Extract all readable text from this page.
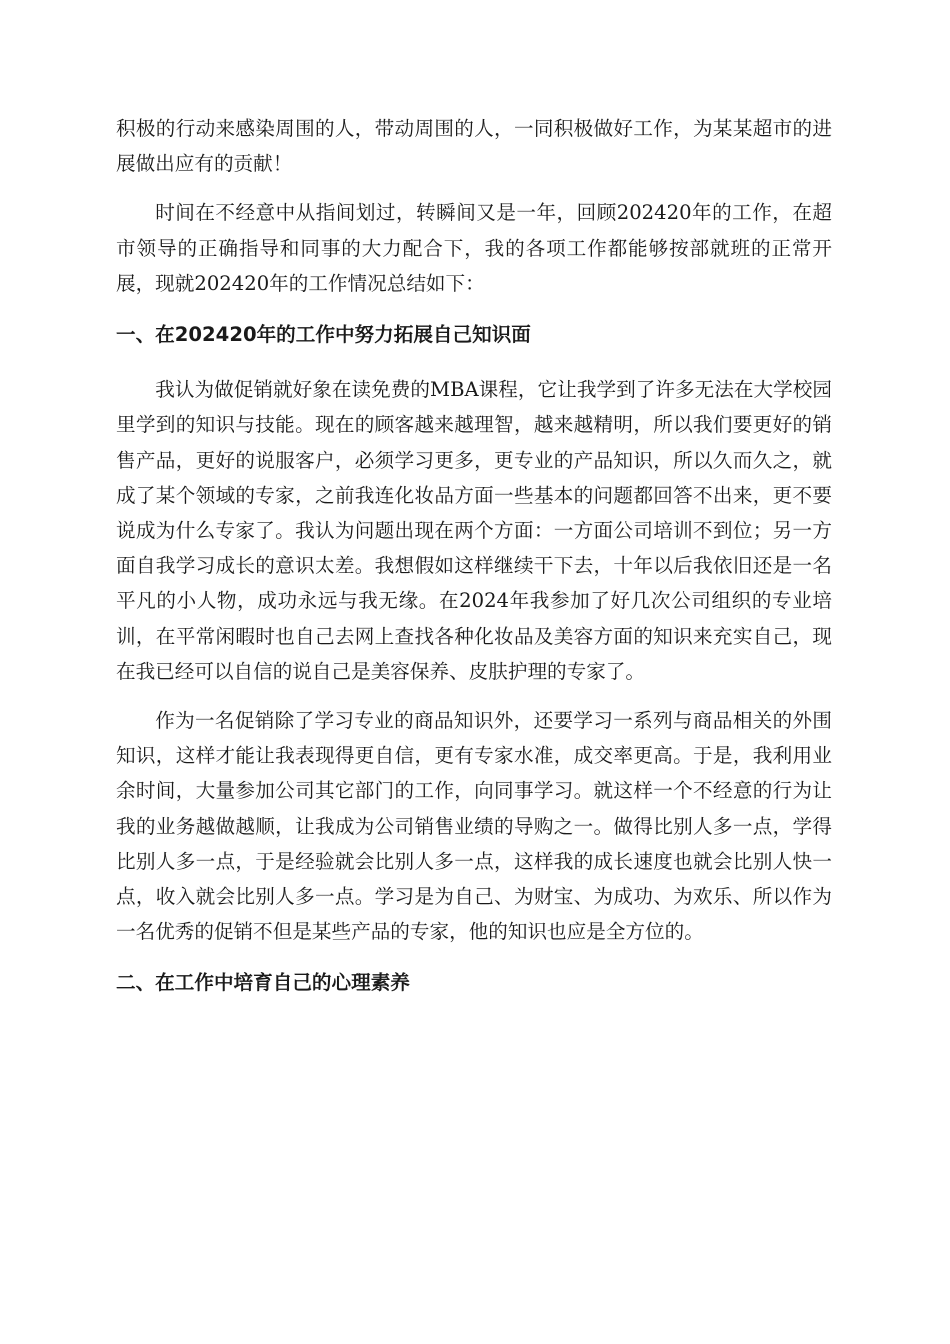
积极的行动来感染周围的人，带动周围的人，一同积极做好工作，为某某超市的进展做出应有的贡献！

时间在不经意中从指间划过，转瞬间又是一年，回顾202420年的工作，在超市领导的正确指导和同事的大力配合下，我的各项工作都能够按部就班的正常开展，现就202420年的工作情况总结如下：

一、在202420年的工作中努力拓展自己知识面

我认为做促销就好象在读免费的MBA课程，它让我学到了许多无法在大学校园里学到的知识与技能。现在的顾客越来越理智，越来越精明，所以我们要更好的销售产品，更好的说服客户，必须学习更多，更专业的产品知识，所以久而久之，就成了某个领域的专家，之前我连化妆品方面一些基本的问题都回答不出来，更不要说成为什么专家了。我认为问题出现在两个方面：一方面公司培训不到位；另一方面自我学习成长的意识太差。我想假如这样继续干下去，十年以后我依旧还是一名平凡的小人物，成功永远与我无缘。在2024年我参加了好几次公司组织的专业培训，在平常闲暇时也自己去网上查找各种化妆品及美容方面的知识来充实自己，现在我已经可以自信的说自己是美容保养、皮肤护理的专家了。

作为一名促销除了学习专业的商品知识外，还要学习一系列与商品相关的外围知识，这样才能让我表现得更自信，更有专家水准，成交率更高。于是，我利用业余时间，大量参加公司其它部门的工作，向同事学习。就这样一个不经意的行为让我的业务越做越顺，让我成为公司销售业绩的导购之一。做得比别人多一点，学得比别人多一点，于是经验就会比别人多一点，这样我的成长速度也就会比别人快一点，收入就会比别人多一点。学习是为自己、为财宝、为成功、为欢乐、所以作为一名优秀的促销不但是某些产品的专家，他的知识也应是全方位的。

二、在工作中培育自己的心理素养
